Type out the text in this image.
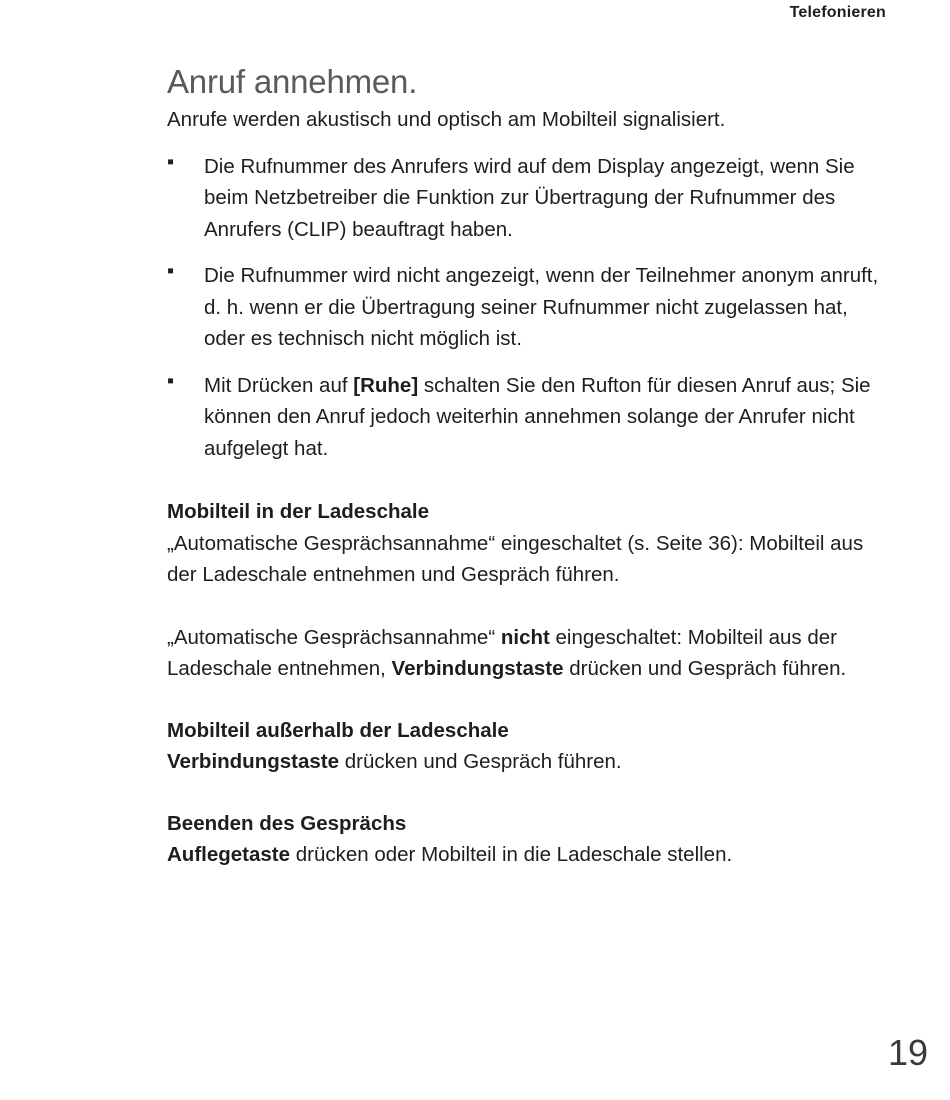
Telefonieren
Anruf annehmen.

Anrufe werden akustisch und optisch am Mobilteil signalisiert.

▪ Die Rufnummer des Anrufers wird auf dem Display angezeigt, wenn Sie beim Netzbetreiber die Funktion zur Übertragung der Rufnummer des Anrufers (CLIP) beauftragt haben.
▪ Die Rufnummer wird nicht angezeigt, wenn der Teilnehmer anonym anruft, d. h. wenn er die Übertragung seiner Rufnummer nicht zugelassen hat, oder es technisch nicht möglich ist.
▪ Mit Drücken auf [Ruhe] schalten Sie den Rufton für diesen Anruf aus; Sie können den Anruf jedoch weiterhin annehmen solange der Anrufer nicht aufgelegt hat.
Mobilteil in der Ladeschale

„Automatische Gesprächsannahme“ eingeschaltet (s. Seite 36): Mobilteil aus der Ladeschale entnehmen und Gespräch führen.

„Automatische Gesprächsannahme“ nicht eingeschaltet: Mobilteil aus der Ladeschale entnehmen, Verbindungstaste drücken und Gespräch führen.

Mobilteil außerhalb der Ladeschale

Verbindungstaste drücken und Gespräch führen.

Beenden des Gesprächs

Auflegetaste drücken oder Mobilteil in die Ladeschale stellen.

19
